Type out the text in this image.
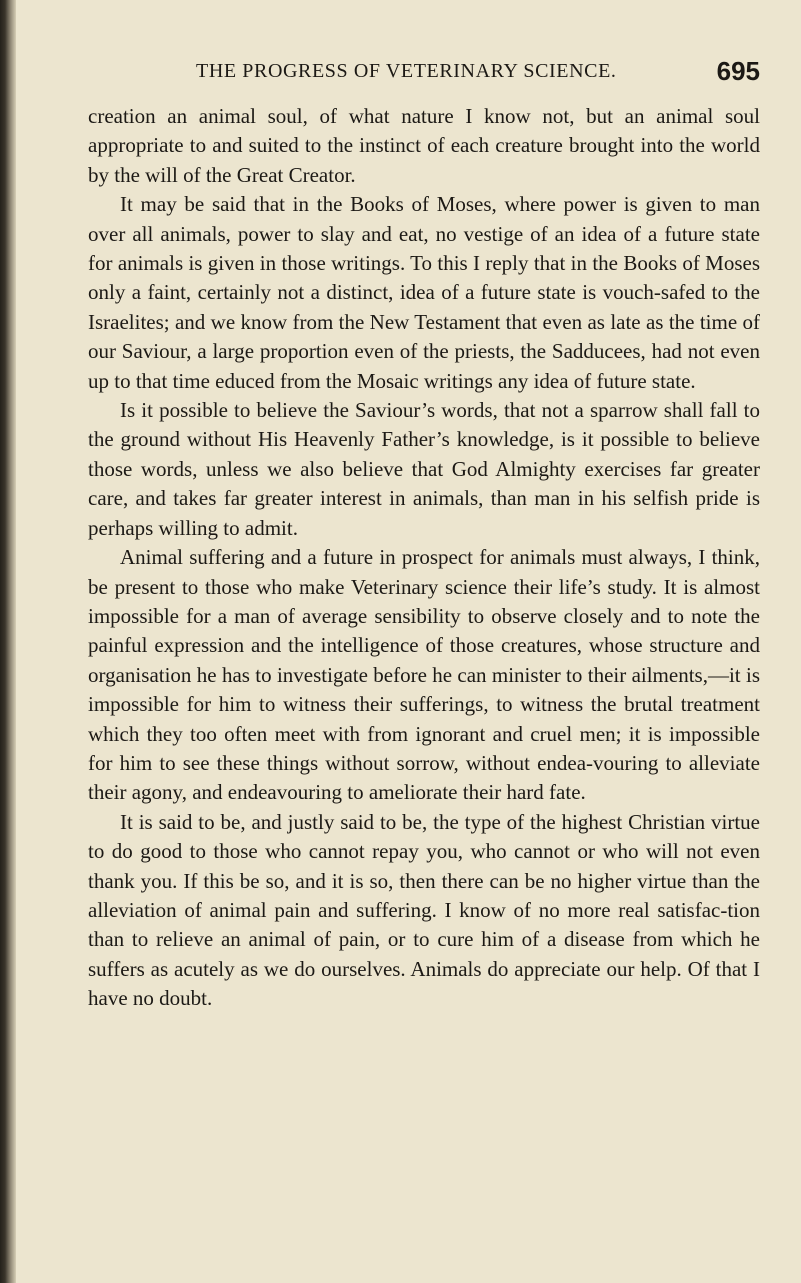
THE PROGRESS OF VETERINARY SCIENCE.	695

creation an animal soul, of what nature I know not, but an animal soul appropriate to and suited to the instinct of each creature brought into the world by the will of the Great Creator.

It may be said that in the Books of Moses, where power is given to man over all animals, power to slay and eat, no vestige of an idea of a future state for animals is given in those writings. To this I reply that in the Books of Moses only a faint, certainly not a distinct, idea of a future state is vouch-safed to the Israelites; and we know from the New Testament that even as late as the time of our Saviour, a large proportion even of the priests, the Sadducees, had not even up to that time educed from the Mosaic writings any idea of future state.

Is it possible to believe the Saviour’s words, that not a sparrow shall fall to the ground without His Heavenly Father’s knowledge, is it possible to believe those words, unless we also believe that God Almighty exercises far greater care, and takes far greater interest in animals, than man in his selfish pride is perhaps willing to admit.

Animal suffering and a future in prospect for animals must always, I think, be present to those who make Veterinary science their life’s study. It is almost impossible for a man of average sensibility to observe closely and to note the painful expression and the intelligence of those creatures, whose structure and organisation he has to investigate before he can minister to their ailments,—it is impossible for him to witness their sufferings, to witness the brutal treatment which they too often meet with from ignorant and cruel men; it is impossible for him to see these things without sorrow, without endea-vouring to alleviate their agony, and endeavouring to ameliorate their hard fate.

It is said to be, and justly said to be, the type of the highest Christian virtue to do good to those who cannot repay you, who cannot or who will not even thank you. If this be so, and it is so, then there can be no higher virtue than the alleviation of animal pain and suffering. I know of no more real satisfac-tion than to relieve an animal of pain, or to cure him of a disease from which he suffers as acutely as we do ourselves. Animals do appreciate our help. Of that I have no doubt.
